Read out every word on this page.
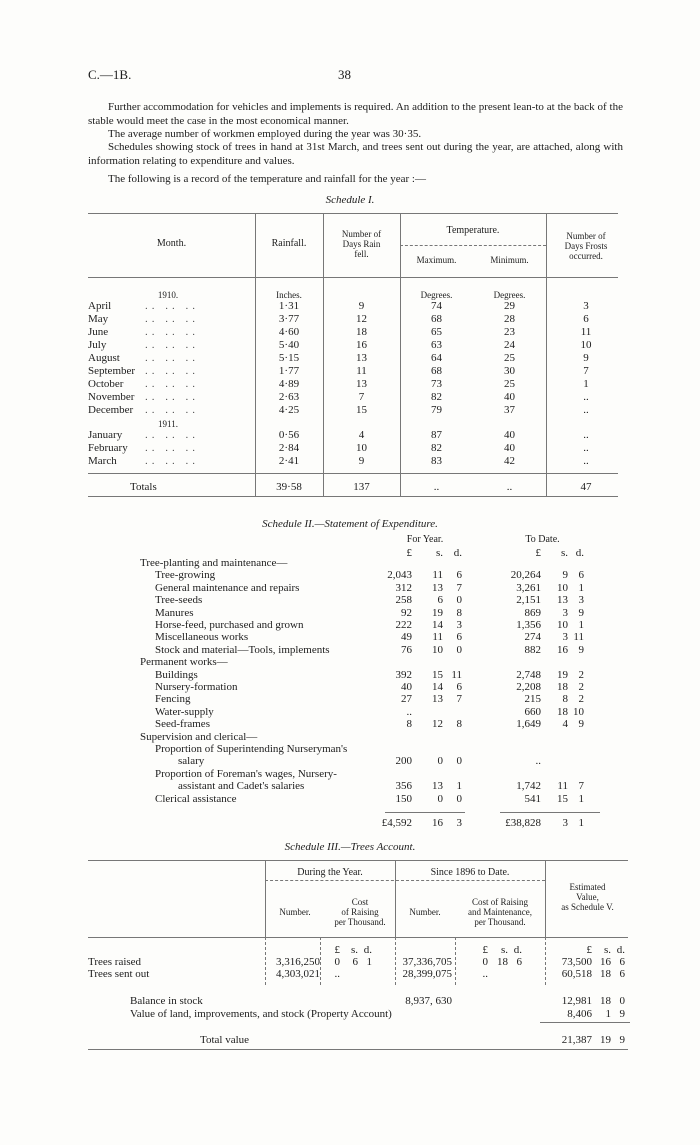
C.—1B.	38

Further accommodation for vehicles and implements is required. An addition to the present lean-to at the back of the stable would meet the case in the most economical manner.

The average number of workmen employed during the year was 30·35.

Schedules showing stock of trees in hand at 31st March, and trees sent out during the year, are attached, along with information relating to expenditure and values.

The following is a record of the temperature and rainfall for the year :—

Schedule I.
Month.	Rainfall.
Number of
Days Rain
fell.
Temperature.
Maximum.	Minimum.
Number of
Days Frosts
occurred.
1910.	Inches.	Degrees.	Degrees.
1911.
April	.. .. ..	1·31	9	74	29	3
May	.. .. ..	3·77	12	68	28	6
June	.. .. ..	4·60	18	65	23	11
July	.. .. ..	5·40	16	63	24	10
August .. .. ..	5·15	13	64	25	9
September .. .. ..	1·77	11	68	30	7
October .. .. ..	4·89	13	73	25	1
November .. .. ..	2·63	7	82	40	..
December .. .. ..	4·25	15	79	37	..
January .. .. ..	0·56	4	87	40	..
February .. .. ..	2·84	10	82	40	..
March	.. .. ..	2·41	9	83	42	..
Totals	39·58	137	..	..	47
Schedule II.—Statement of Expenditure.
For Year.	To Date.
£	s. d.	£	s. d.
Tree-planting and maintenance—
Tree-growing	2,043	11	6	20,264	9 6
General maintenance and repairs	312	13	7	3,261	10 1
Tree-seeds	258	6	0	2,151	13 3
Manures	92	19	8	869	3 9
Horse-feed, purchased and grown	222	14	3	1,356	10 1
Miscellaneous works	49	11	6	274	3 11
Stock and material—Tools, implements	76	10	0	882	16 9
Permanent works—
Buildings	392	15 11	2,748	19 2
Nursery-formation	40	14	6	2,208	18 2
Fencing	27	13	7	215	8 2
Water-supply	..	660	18 10
Seed-frames	8	12	8	1,649	4 9
Supervision and clerical—
Proportion of Superintending Nurseryman's
salary	200	0	0	..
Proportion of Foreman's wages, Nursery-
assistant and Cadet's salaries	356	13	1	1,742	11 7
Clerical assistance	150	0	0	541	15 1
£4,592	16	3	£38,828	3 1
Schedule III.—Trees Account.
During the Year.	Since 1896 to Date.
Estimated
Value,
as Schedule V.
Number.
Cost
of Raising
per Thousand.
Number.
Cost of Raising
and Maintenance,
per Thousand.
£ s. d.	£	s. d.	£	s. d.
Trees raised	3,316,250	0	6 1	37,336,705	0 18 6	73,500 16 6
Trees sent out	4,303,021	..	28,399,075	..	60,518 18 6
Balance in stock	8,937, 630	12,981 18 0
Value of land, improvements, and stock (Property Account)	8,406	1 9
Total value	21,387 19 9
